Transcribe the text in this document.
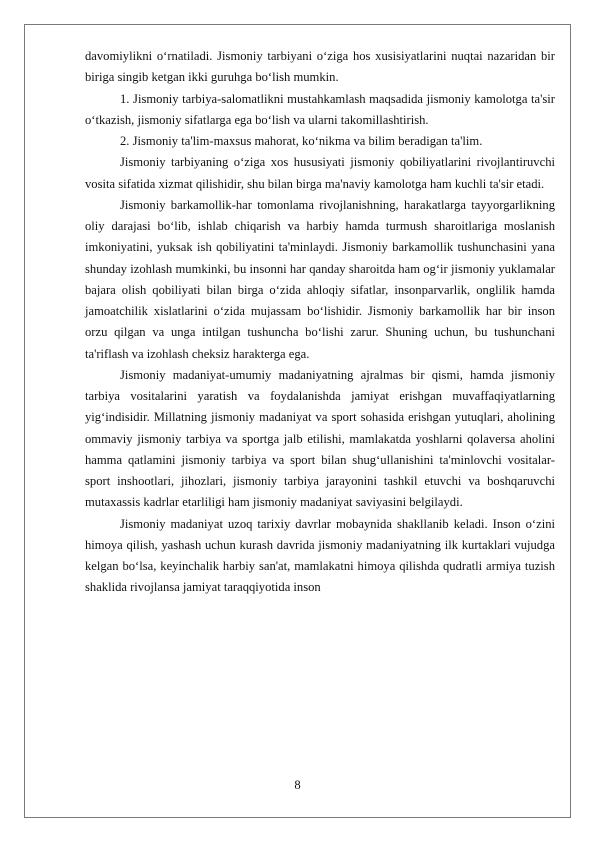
davomiylikni o‘rnatiladi. Jismoniy tarbiyani o‘ziga hos xusisiyatlarini nuqtai nazaridan bir biriga singib ketgan ikki guruhga bo‘lish mumkin.

1. Jismoniy tarbiya-salomatlikni mustahkamlash maqsadida jismoniy kamolotga ta'sir o‘tkazish, jismoniy sifatlarga ega bo‘lish va ularni takomillashtirish.

2. Jismoniy ta'lim-maxsus mahorat, ko‘nikma va bilim beradigan ta'lim.

Jismoniy tarbiyaning o‘ziga xos hususiyati jismoniy qobiliyatlarini rivojlantiruvchi vosita sifatida xizmat qilishidir, shu bilan birga ma'naviy kamolotga ham kuchli ta'sir etadi.

Jismoniy barkamollik-har tomonlama rivojlanishning, harakatlarga tayyorgarlikning oliy darajasi bo‘lib, ishlab chiqarish va harbiy hamda turmush sharoitlariga moslanish imkoniyatini, yuksak ish qobiliyatini ta'minlaydi. Jismoniy barkamollik tushunchasini yana shunday izohlash mumkinki, bu insonni har qanday sharoitda ham og‘ir jismoniy yuklamalar bajara olish qobiliyati bilan birga o‘zida ahloqiy sifatlar, insonparvarlik, onglilik hamda jamoatchilik xislatlarini o‘zida mujassam bo‘lishidir. Jismoniy barkamollik har bir inson orzu qilgan va unga intilgan tushuncha bo‘lishi zarur. Shuning uchun, bu tushunchani ta'riflash va izohlash cheksiz harakterga ega.

Jismoniy madaniyat-umumiy madaniyatning ajralmas bir qismi, hamda jismoniy tarbiya vositalarini yaratish va foydalanishda jamiyat erishgan muvaffaqiyatlarning yig‘indisidir. Millatning jismoniy madaniyat va sport sohasida erishgan yutuqlari, aholining ommaviy jismoniy tarbiya va sportga jalb etilishi, mamlakatda yoshlarni qolaversa aholini hamma qatlamini jismoniy tarbiya va sport bilan shug‘ullanishini ta'minlovchi vositalar-sport inshootlari, jihozlari, jismoniy tarbiya jarayonini tashkil etuvchi va boshqaruvchi mutaxassis kadrlar etarliligi ham jismoniy madaniyat saviyasini belgilaydi.

Jismoniy madaniyat uzoq tarixiy davrlar mobaynida shakllanib keladi. Inson o‘zini himoya qilish, yashash uchun kurash davrida jismoniy madaniyatning ilk kurtaklari vujudga kelgan bo‘lsa, keyinchalik harbiy san'at, mamlakatni himoya qilishda qudratli armiya tuzish shaklida rivojlansa jamiyat taraqqiyotida inson

8
